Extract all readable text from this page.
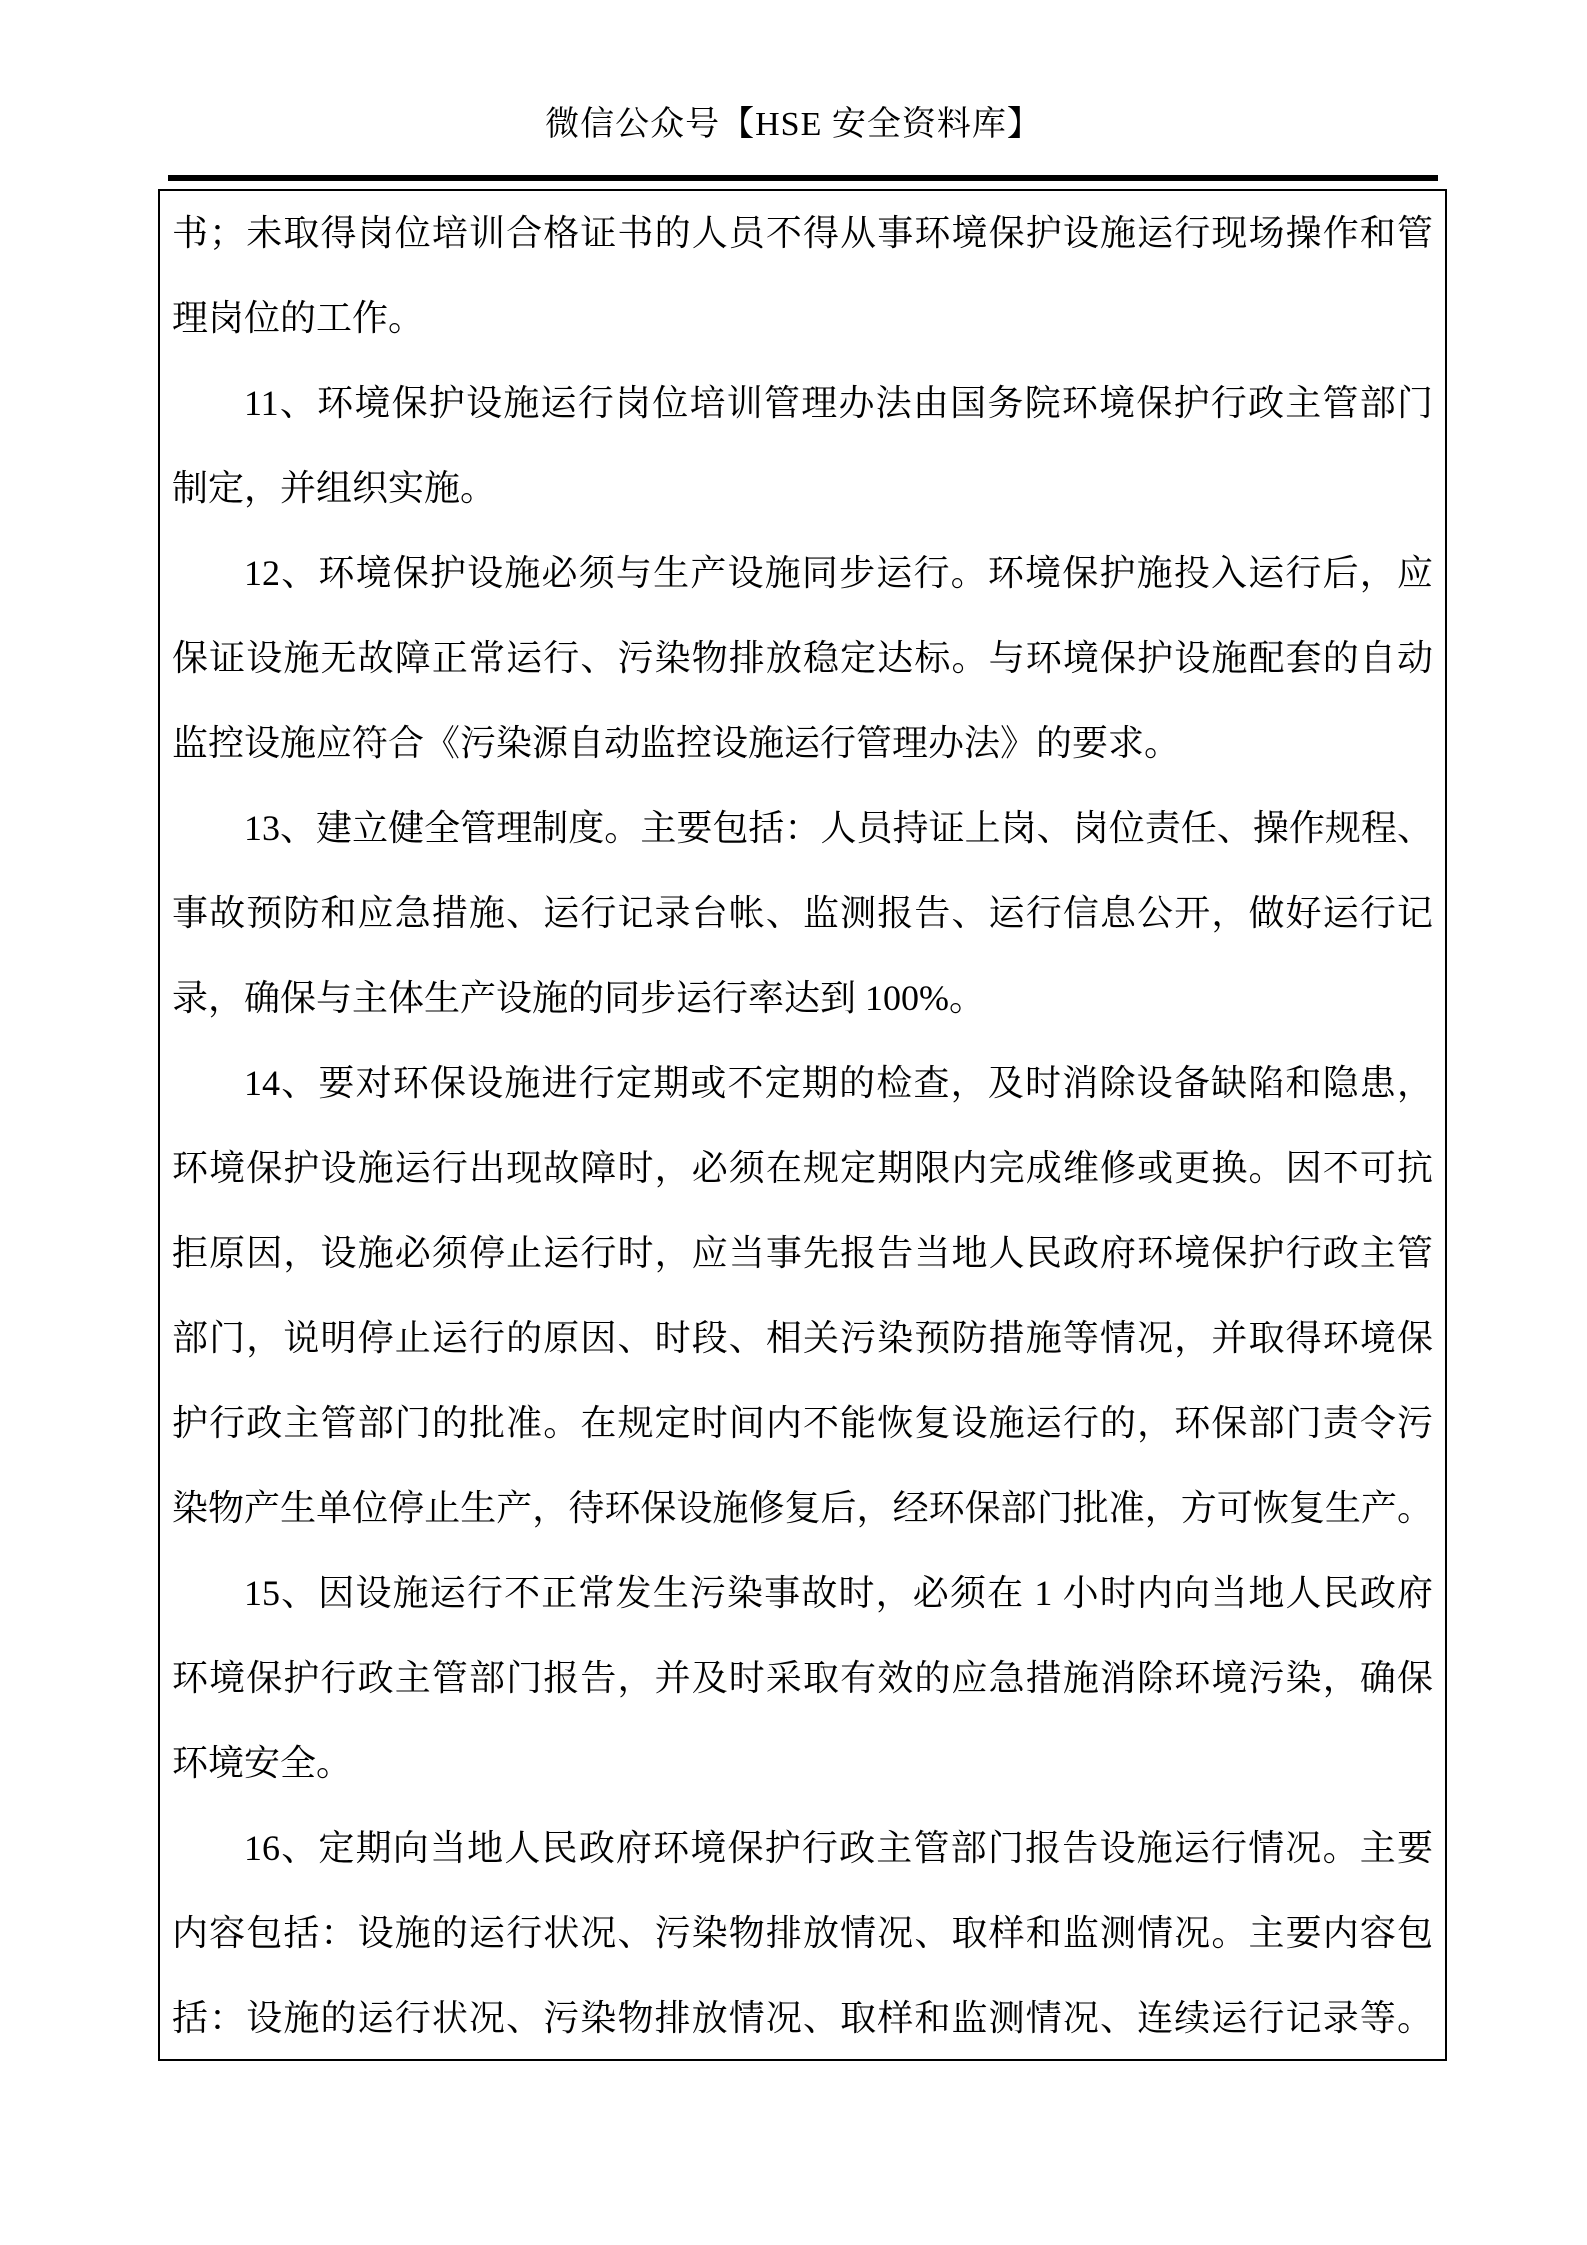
微信公众号【HSE 安全资料库】
书；未取得岗位培训合格证书的人员不得从事环境保护设施运行现场操作和管
理岗位的工作。
11、环境保护设施运行岗位培训管理办法由国务院环境保护行政主管部门
制定，并组织实施。
12、环境保护设施必须与生产设施同步运行。环境保护施投入运行后，应
保证设施无故障正常运行、污染物排放稳定达标。与环境保护设施配套的自动
监控设施应符合《污染源自动监控设施运行管理办法》的要求。
13、建立健全管理制度。主要包括：人员持证上岗、岗位责任、操作规程、
事故预防和应急措施、运行记录台帐、监测报告、运行信息公开，做好运行记
录，确保与主体生产设施的同步运行率达到 100%。
14、要对环保设施进行定期或不定期的检查，及时消除设备缺陷和隐患，
环境保护设施运行出现故障时，必须在规定期限内完成维修或更换。因不可抗
拒原因，设施必须停止运行时，应当事先报告当地人民政府环境保护行政主管
部门，说明停止运行的原因、时段、相关污染预防措施等情况，并取得环境保
护行政主管部门的批准。在规定时间内不能恢复设施运行的，环保部门责令污
染物产生单位停止生产，待环保设施修复后，经环保部门批准，方可恢复生产。
15、因设施运行不正常发生污染事故时，必须在 1 小时内向当地人民政府
环境保护行政主管部门报告，并及时采取有效的应急措施消除环境污染，确保
环境安全。
16、定期向当地人民政府环境保护行政主管部门报告设施运行情况。主要
内容包括：设施的运行状况、污染物排放情况、取样和监测情况。主要内容包
括：设施的运行状况、污染物排放情况、取样和监测情况、连续运行记录等。
